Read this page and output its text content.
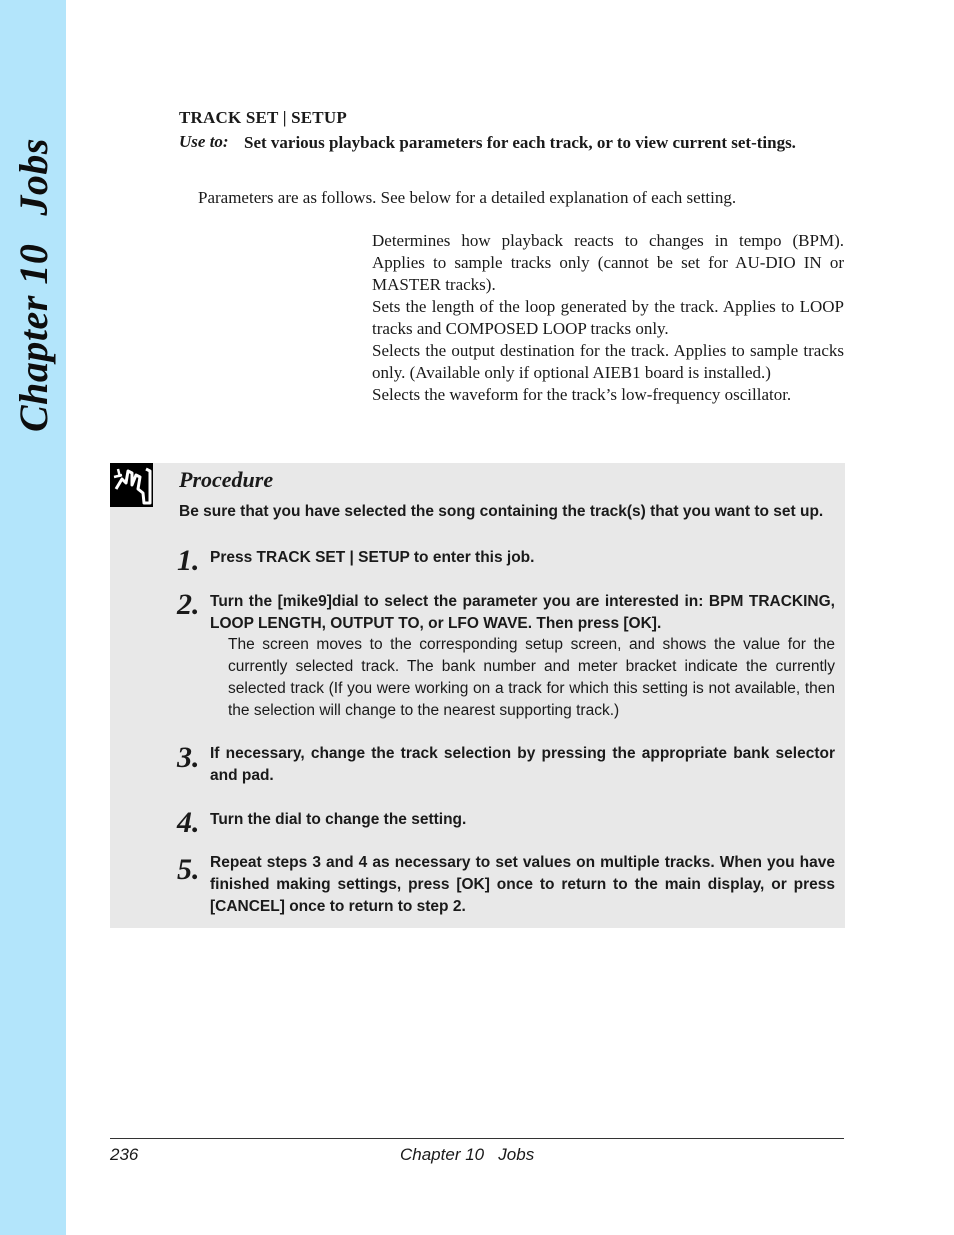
Chapter 10Jobs
TRACK SET | SETUP
Use to: Set various playback parameters for each track, or to view current set-tings.
Parameters are as follows. See below for a detailed explanation of each setting.

Determines how playback reacts to changes in tempo (BPM). Applies to sample tracks only (cannot be set for AU-DIO IN or MASTER tracks).

Sets the length of the loop generated by the track. Applies to LOOP tracks and COMPOSED LOOP tracks only.

Selects the output destination for the track. Applies to sample tracks only. (Available only if optional AIEB1 board is installed.)

Selects the waveform for the track’s low-frequency oscillator.

Procedure
Be sure that you have selected the song containing the track(s) that you want to set up.
1. Press TRACK SET | SETUP to enter this job.
2. Turn the [mike9]dial to select the parameter you are interested in: BPM TRACKING, LOOP LENGTH, OUTPUT TO, or LFO WAVE. Then press [OK].
The screen moves to the corresponding setup screen, and shows the value for the currently selected track. The bank number and meter bracket indicate the currently selected track (If you were working on a track for which this setting is not available, then the selection will change to the nearest supporting track.)
3. If necessary, change the track selection by pressing the appropriate bank selector and pad.
4. Turn the dial to change the setting.
5. Repeat steps 3 and 4 as necessary to set values on multiple tracks. When you have finished making settings, press [OK] once to return to the main display, or press [CANCEL] once to return to step 2.
236	Chapter 10   Jobs
